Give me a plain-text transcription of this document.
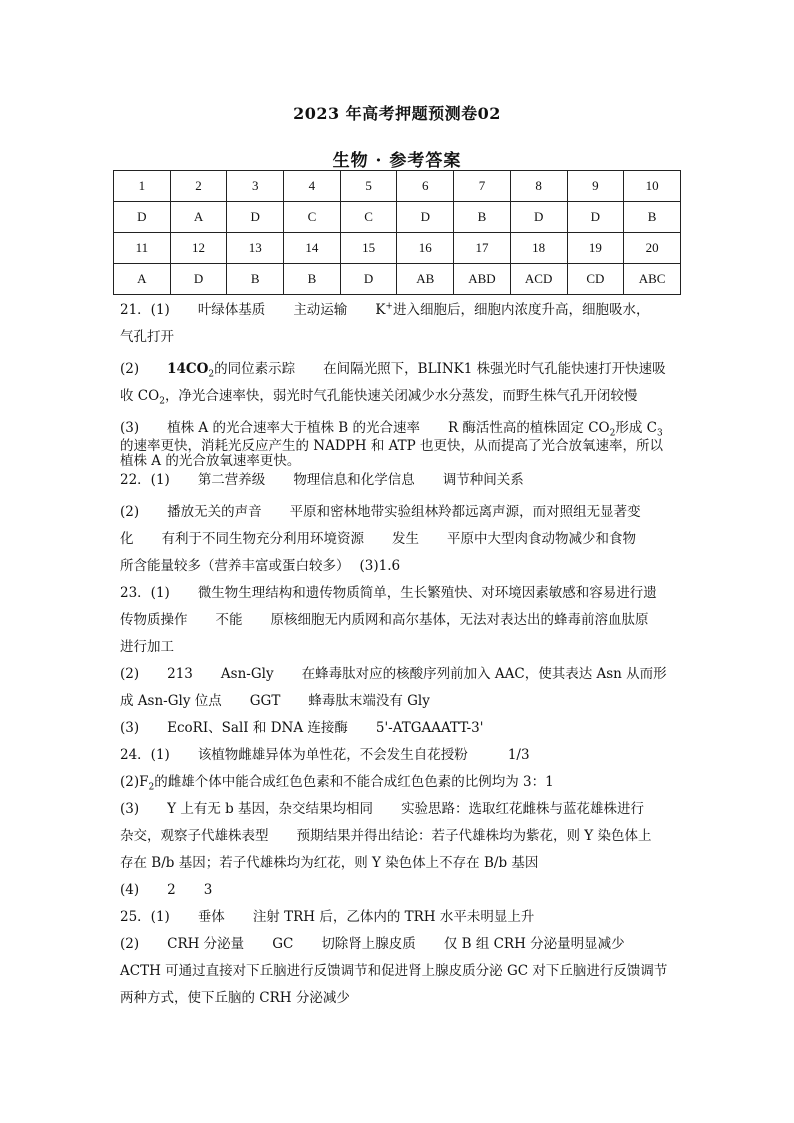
2023 年高考押题预测卷02
生物 · 参考答案
1	2	3	4	5	6	7	8	9	10
D	A	D	C	C	D	B	D	D	B
11	12	13	14	15	16	17	18	19	20
A	D	B	B	D	AB	ABD	ACD	CD	ABC

21．(1) 叶绿体基质 主动运输 K+进入细胞后，细胞内浓度升高，细胞吸水，

气孔打开

(2) $14CO_2$的同位素示踪 在间隔光照下，BLINK1 株强光时气孔能快速打开快速吸

收 $CO_2$，净光合速率快，弱光时气孔能快速关闭减少水分蒸发，而野生株气孔开闭较慢

(3) 植株 A 的光合速率大于植株 B 的光合速率 R 酶活性高的植株固定 $CO_2$形成 $C_3$

的速率更快，消耗光反应产生的 NADPH 和 ATP 也更快，从而提高了光合放氧速率，所以

植株 A 的光合放氧速率更快。

22．(1) 第二营养级 物理信息和化学信息 调节种间关系

(2) 播放无关的声音 平原和密林地带实验组林羚都远离声源，而对照组无显著变

化 有利于不同生物充分利用环境资源 发生 平原中大型肉食动物减少和食物

所含能量较多（营养丰富或蛋白较多） (3)1.6

23．(1) 微生物生理结构和遗传物质简单，生长繁殖快、对环境因素敏感和容易进行遗

传物质操作 不能 原核细胞无内质网和高尔基体，无法对表达出的蜂毒前溶血肽原

进行加工

(2) 213 Asn-Gly 在蜂毒肽对应的核酸序列前加入 AAC，使其表达 Asn 从而形

成 Asn-Gly 位点 GGT 蜂毒肽末端没有 Gly

(3) EcoRI、SalI 和 DNA 连接酶 5'-ATGAAATT-3'

24．(1) 该植物雌雄异体为单性花，不会发生自花授粉	1/3

$(2)F_2$的雌雄个体中能合成红色色素和不能合成红色色素的比例均为 3：1

(3) Y 上有无 b 基因，杂交结果均相同 实验思路：选取红花雌株与蓝花雄株进行

杂交，观察子代雄株表型 预期结果并得出结论：若子代雄株均为紫花，则 Y 染色体上

存在 B/b 基因；若子代雄株均为红花，则 Y 染色体上不存在 B/b 基因

(4) 2 3

25．(1) 垂体 注射 TRH 后，乙体内的 TRH 水平未明显上升

(2) CRH 分泌量 GC 切除肾上腺皮质 仅 B 组 CRH 分泌量明显减少

ACTH 可通过直接对下丘脑进行反馈调节和促进肾上腺皮质分泌 GC 对下丘脑进行反馈调节

两种方式，使下丘脑的 CRH 分泌减少
